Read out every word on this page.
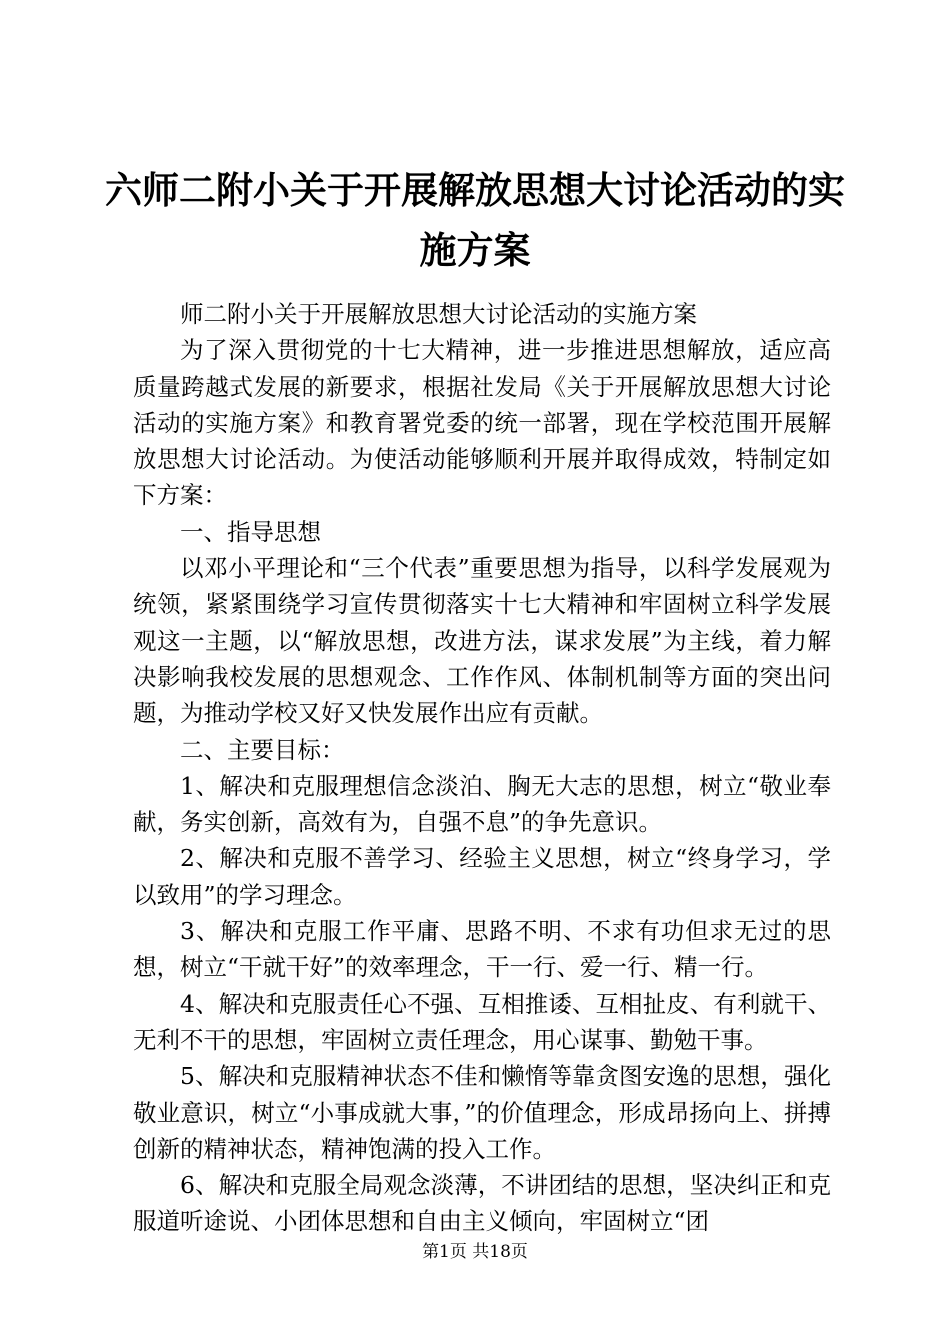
六师二附小关于开展解放思想大讨论活动的实施方案

师二附小关于开展解放思想大讨论活动的实施方案

为了深入贯彻党的十七大精神，进一步推进思想解放，适应高质量跨越式发展的新要求，根据社发局《关于开展解放思想大讨论活动的实施方案》和教育署党委的统一部署，现在学校范围开展解放思想大讨论活动。为使活动能够顺利开展并取得成效，特制定如下方案：

一、指导思想

以邓小平理论和“三个代表”重要思想为指导，以科学发展观为统领，紧紧围绕学习宣传贯彻落实十七大精神和牢固树立科学发展观这一主题，以“解放思想，改进方法，谋求发展”为主线，着力解决影响我校发展的思想观念、工作作风、体制机制等方面的突出问题，为推动学校又好又快发展作出应有贡献。

二、主要目标：

1、解决和克服理想信念淡泊、胸无大志的思想，树立“敬业奉献，务实创新，高效有为，自强不息”的争先意识。

2、解决和克服不善学习、经验主义思想，树立“终身学习，学以致用”的学习理念。

3、解决和克服工作平庸、思路不明、不求有功但求无过的思想，树立“干就干好”的效率理念，干一行、爱一行、精一行。

4、解决和克服责任心不强、互相推诿、互相扯皮、有利就干、无利不干的思想，牢固树立责任理念，用心谋事、勤勉干事。

5、解决和克服精神状态不佳和懒惰等靠贪图安逸的思想，强化敬业意识，树立“小事成就大事，”的价值理念，形成昂扬向上、拼搏创新的精神状态，精神饱满的投入工作。

6、解决和克服全局观念淡薄，不讲团结的思想，坚决纠正和克服道听途说、小团体思想和自由主义倾向，牢固树立“团

第1页 共18页
